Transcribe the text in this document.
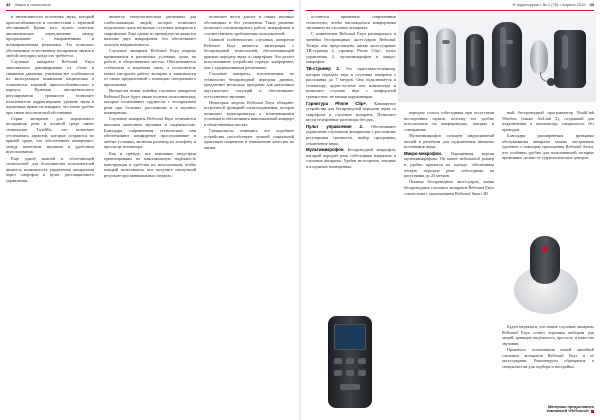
42 Наука и технологии	Ф Аудиторума • № 1 (75) • Апрель 2019 43

и интенсивности источника звука, который приспосабливается в соответствии с шумовой обстановкой. Кроме того, нужно отметить автоматическое переключение между программами с направленным и всенаправленным режимами. Это позволяет обеспечивать естественное восприятие звуков в любой ситуации, когда это требуется.

Слуховые аппараты ReSound Enya максимально демпфированы от сбоев и снижения давления, учитывая все особенности их эксплуатации пожилыми пациентами и отличаются хорошей приспособленностью к корпусу. Функция автоматического регулирования громкости позволяет пользователю корректировать уровень звука в наушниках прямо на аппарате, что очень удобно при смене акустической обстановки.

Серия аппаратов для нормального восприятия речи в шумной среде имеет технологию TwinMic, что позволяет отслеживать характер, которые создаются по прямой среде, что обеспечивает компромисс между качеством звучания и удобством использования.

Ещё одной важной и облегчающей технологией для большинства пользователей является возможность управления аппаратами через смартфон и пульт дистанционного управления.

является технологическим решением для слабослышащих людей, которое позволяет подключать сразу несколько слуховых аппаратов к смартфонам. Ещё одним из преимуществ является наличие двух микрофонов, что обеспечивает лучшую направленность.

Слуховые аппараты ReSound Enya широко применяются в различных условиях: дома, на работе, в общественных местах. Обеспечивается стабильная и надёжная связь, а пользователь может настроить работу аппарата в зависимости от своих предпочтений с помощью специального приложения.

Интересна новая линейка слуховых аппаратов ReSound Enya будет также полезна пользователям, которые испытывают трудности с восприятием речи при больших расстояниях и в шумных помещениях.

Слуховые аппараты ReSound Enya отличаются высоким качеством звучания и надёжностью. Благодаря современным технологиям они обеспечивают комфортное прослушивание в любых условиях, включая разговор по телефону и просмотр телевизора.

Как и прежде, все компании индустрии ориентированы на максимальную надёжность конструкции и удобство их эксплуатации, чтобы каждый пользователь мог получить наилучший результат при минимальных затратах.

позволяет вести диалог в самых шумных обстановках и без утомления. Такое решение позволяет оптимизировать работу микрофонов и соответствовать требованиям пользователей.

Главной особенностью слуховых аппаратов ReSound Enya является интеграция с беспроводной технологией, обеспечивающей прямую передачу звука со смартфона. Это делает использование устройства гораздо комфортнее, чем с традиционными решениями.

Слуховые аппараты, изготовленные по технологии беспроводной передачи данных, предлагают несколько программ для различных акустических ситуаций и обеспечивают естественное звучание.

Некоторые модели ReSound Enya обладают встроенной функцией шумоподавления, которая позволяет адаптироваться к изменяющимся условиям и обеспечивать максимальный комфорт в общественных местах.

Специалисты отмечают, что подобные устройства способствуют лучшей социальной адаптации пациентов и повышению качества их жизни.

останется применять современные технологии, чтобы наслаждаться комфортным звучанием на слуховых аппаратах.

С появлением ReSound Enya расширилась и линейка беспроводных аксессуаров ReSound. Теперь она представлена пятью аксессуарами: ТВ-стример 2, стример Phone Clip+, пульт управления 2, мультимикрофон и микро-микрофон.

ТВ-стример 2. Это приставка-телевизор, которая передаёт звук в слуховые аппараты с расстояния до 7 метров. Она подключается к телевизору, аудио-системе или компьютеру и позволяет слушать звук с комфортной громкостью, не мешая окружающим.

Гарнитура Phone Clip+. Компактное устройство для беспроводной передачи звука со смартфона в слуховые аппараты. Позволяет вести телефонные разговоры без рук.

Пульт управления 2. Обеспечивает управление слуховыми аппаратами с расстояния: регулировка громкости, выбор программы, отключение звука.

Мультимикрофон. Беспроводной микрофон, который передаёт речь собеседника напрямую в слуховые аппараты. Удобен на встречах, лекциях и в шумных помещениях.

передаче голоса собеседника при отсутствии посторонних шумов, поэтому его удобно использовать на конференциях, лекциях и совещаниях.

Мультимикрофон оснащён индукционной петлёй и разъёмом для подключения внешних источников звука.

Микро-микрофон. Упрощённая версия мультимикрофона. Он имеет небольшой размер и удобно крепится на одежде, обеспечивая чёткую передачу речи собеседника на расстоянии до 25 метров.

Помимо беспроводных аксессуаров, линия беспроводных слуховых аппаратов ReSound Enya совместима с приложением ReSound Smart 3D.

ный беспроводной программатор NoahLink Wireless (также AirLink 2), созданный для подключения к компьютеру специалиста без проводов.

Благодаря расширенным функциям обслуживания аппараты можно настраивать удалённо с помощью приложения ReSound Assist, что особенно удобно для пользователей, которые проживают далеко от сурдологических центров.

Будем надеяться, что новые слуховые аппараты ReSound Enya станут хорошим выбором для людей, ценящих надёжность, простоту и качество звучания.

Приятного пользования новой линейкой слуховых аппаратов ReSound Enya и её аксессуарами. Рекомендуем обращаться к специалистам для подбора и настройки.

Материал предоставлен
компанией «ReSound»
